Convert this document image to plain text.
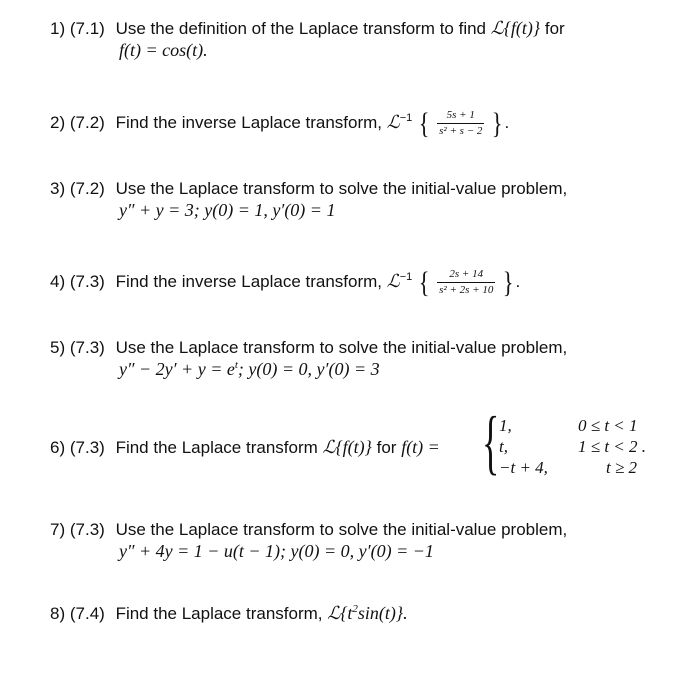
1) (7.1) Use the definition of the Laplace transform to find ℒ{f(t)} for
f(t) = cos(t).
2) (7.2) Find the inverse Laplace transform, ℒ$^{-1}$ { $\frac{5s + 1}{\text{s² + s − 2}}$ } .
3) (7.2) Use the Laplace transform to solve the initial-value problem,
y″ + y = 3; y(0) = 1, y′(0) = 1
4) (7.3) Find the inverse Laplace transform, ℒ$^{-1}$ { $\frac{2s + 14}{\text{s² + 2s + 10}}$ } .
5) (7.3) Use the Laplace transform to solve the initial-value problem,
$y'' - 2y' + y = e^t$; y(0) = 0, y′(0) = 3
6) (7.3) Find the Laplace transform ℒ{f(t)} for f(t) = { 1,
t,
−t + 4,
0 ≤ t < 1
1 ≤ t < 2 .
t ≥ 2
7) (7.3) Use the Laplace transform to solve the initial-value problem,
y″ + 4y = 1 − u(t − 1); y(0) = 0, y′(0) = −1
8) (7.4) Find the Laplace transform, $ℒ\{t^2\sin(t)\}$.
